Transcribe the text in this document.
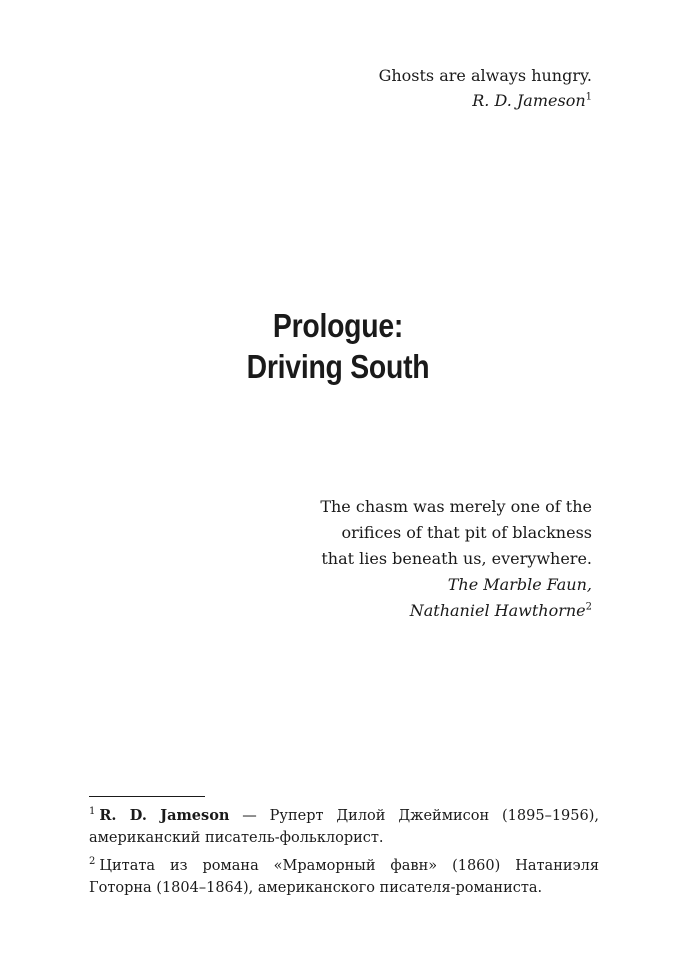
Ghosts are always hungry.
R. D. Jameson$^1$
Prologue:
Driving South
The chasm was merely one of the
orifices of that pit of blackness
that lies beneath us, everywhere.
The Marble Faun,
Nathaniel Hawthorne$^2$

$^1$ R. D. Jameson — Руперт Дилой Джеймисон (1895–1956), американский писатель-фольклорист.

$^2$ Цитата из романа «Мраморный фавн» (1860) Натаниэля Готорна (1804–1864), американского писателя-романиста.
